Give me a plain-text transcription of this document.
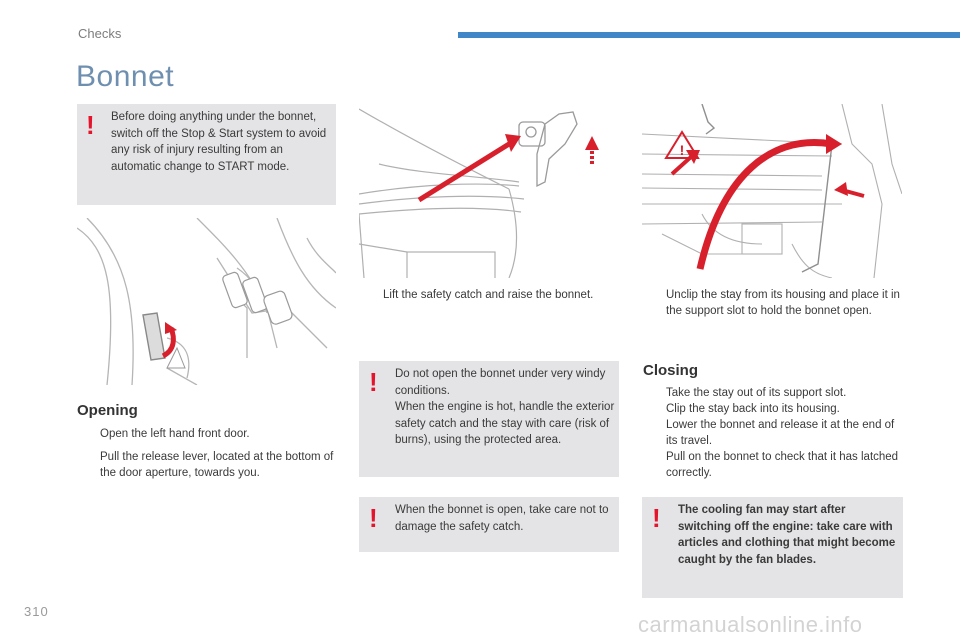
Checks
Bonnet
! Before doing anything under the bonnet, switch off the Stop & Start system to avoid any risk of injury resulting from an automatic change to START mode.
Opening
Open the left hand front door.
Pull the release lever, located at the bottom of the door aperture, towards you.
Lift the safety catch and raise the bonnet.
! Do not open the bonnet under very windy conditions.
When the engine is hot, handle the exterior safety catch and the stay with care (risk of burns), using the protected area.
! When the bonnet is open, take care not to damage the safety catch.
!
Unclip the stay from its housing and place it in the support slot to hold the bonnet open.
Closing
Take the stay out of its support slot.
Clip the stay back into its housing.
Lower the bonnet and release it at the end of its travel.
Pull on the bonnet to check that it has latched correctly.
! The cooling fan may start after switching off the engine: take care with articles and clothing that might become caught by the fan blades.
310
carmanualsonline.info
